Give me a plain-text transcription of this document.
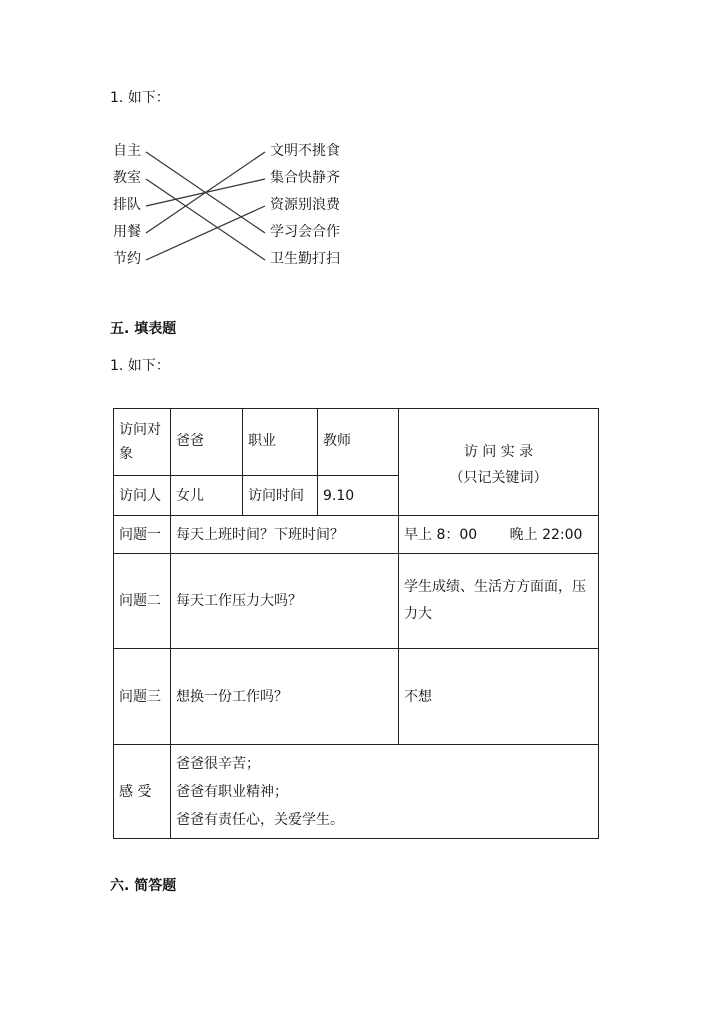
1. 如下：
自主
教室
排队
用餐
节约
文明不挑食
集合快静齐
资源别浪费
学习会合作
卫生勤打扫
五. 填表题
1. 如下：
访问对象	爸爸	职业	教师	访 问 实 录
（只记关键词）

访问人	女儿	访问时间	9.10	
问题一	每天上班时间？下班时间？			早上 8：00 晚上 22:00
问题二	每天工作压力大吗？			学生成绩、生活方方面面，压力大
问题三	想换一份工作吗？			不想
感 受	爸爸很辛苦；
爸爸有职业精神；
爸爸有责任心，关爱学生。			
六. 简答题
